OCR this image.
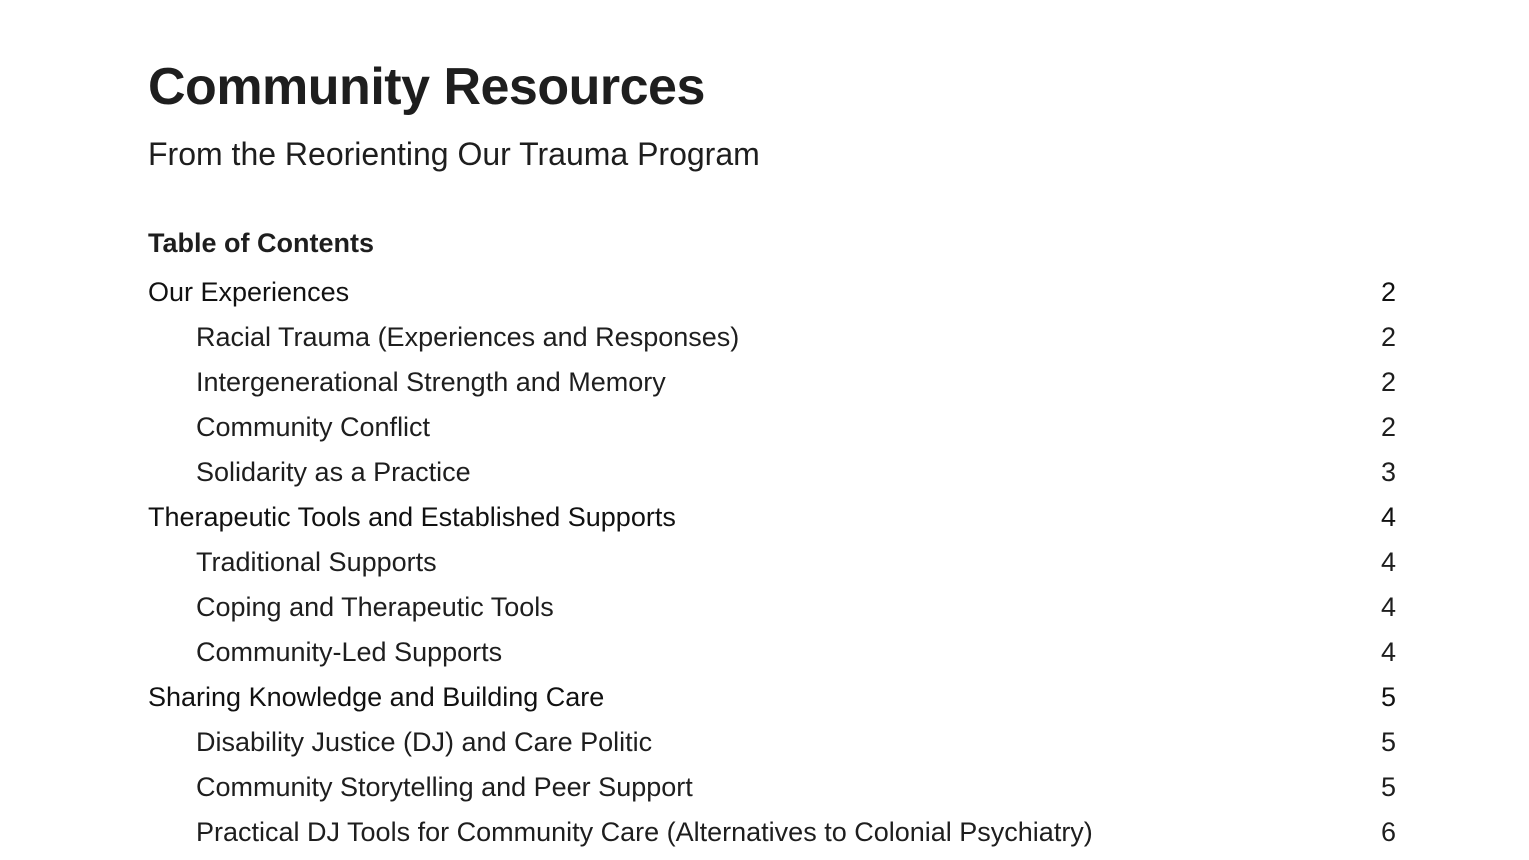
Community Resources
From the Reorienting Our Trauma Program
Table of Contents
Our Experiences	2
Racial Trauma (Experiences and Responses)	2
Intergenerational Strength and Memory	2
Community Conflict	2
Solidarity as a Practice	3
Therapeutic Tools and Established Supports	4
Traditional Supports	4
Coping and Therapeutic Tools	4
Community-Led Supports	4
Sharing Knowledge and Building Care	5
Disability Justice (DJ) and Care Politic	5
Community Storytelling and Peer Support	5
Practical DJ Tools for Community Care (Alternatives to Colonial Psychiatry)	6
